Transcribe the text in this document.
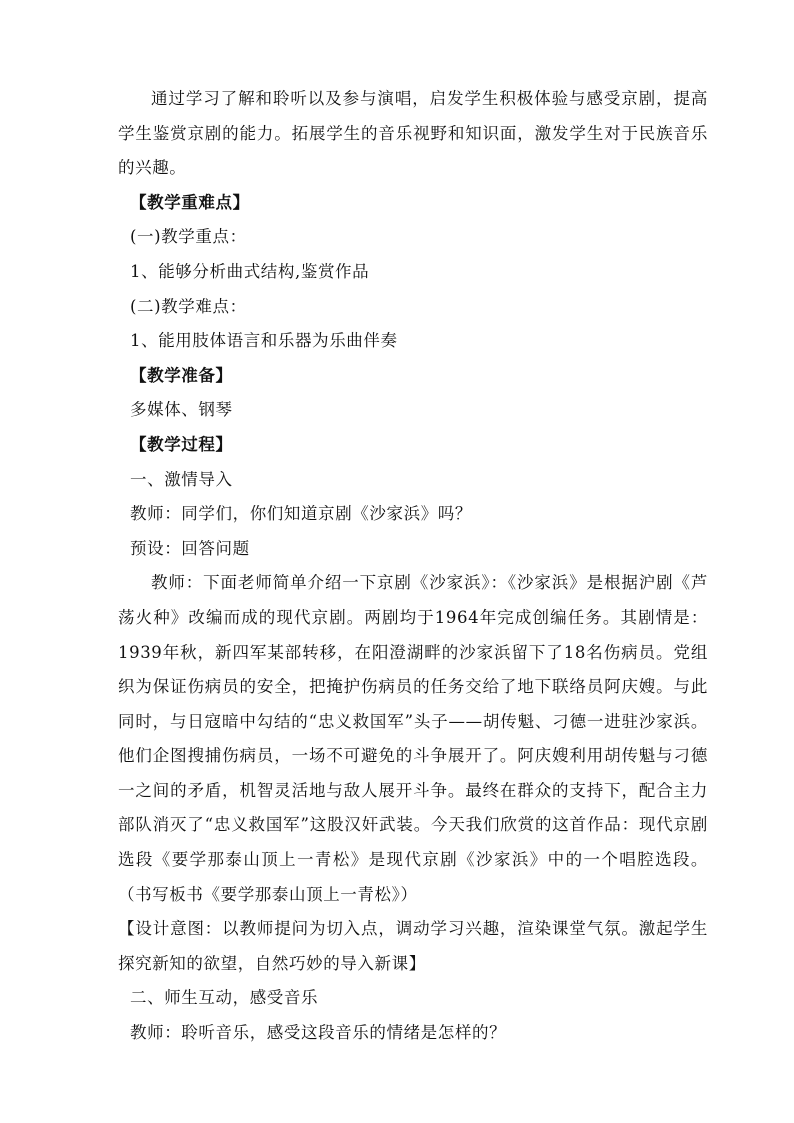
通过学习了解和聆听以及参与演唱，启发学生积极体验与感受京剧，提高学生鉴赏京剧的能力。拓展学生的音乐视野和知识面，激发学生对于民族音乐的兴趣。

【教学重难点】

(一)教学重点：

1、能够分析曲式结构,鉴赏作品

(二)教学难点：

1、能用肢体语言和乐器为乐曲伴奏

【教学准备】

多媒体、钢琴

【教学过程】

一、激情导入

教师：同学们，你们知道京剧《沙家浜》吗？

预设：回答问题

教师：下面老师简单介绍一下京剧《沙家浜》：《沙家浜》是根据沪剧《芦荡火种》改编而成的现代京剧。两剧均于1964年完成创编任务。其剧情是：1939年秋，新四军某部转移，在阳澄湖畔的沙家浜留下了18名伤病员。党组织为保证伤病员的安全，把掩护伤病员的任务交给了地下联络员阿庆嫂。与此同时，与日寇暗中勾结的“忠义救国军”头子——胡传魁、刁德一进驻沙家浜。他们企图搜捕伤病员，一场不可避免的斗争展开了。阿庆嫂利用胡传魁与刁德一之间的矛盾，机智灵活地与敌人展开斗争。最终在群众的支持下，配合主力部队消灭了“忠义救国军”这股汉奸武装。今天我们欣赏的这首作品：现代京剧选段《要学那泰山顶上一青松》是现代京剧《沙家浜》中的一个唱腔选段。（书写板书《要学那泰山顶上一青松》）

【设计意图：以教师提问为切入点，调动学习兴趣，渲染课堂气氛。激起学生探究新知的欲望，自然巧妙的导入新课】

二、师生互动，感受音乐

教师：聆听音乐，感受这段音乐的情绪是怎样的？
